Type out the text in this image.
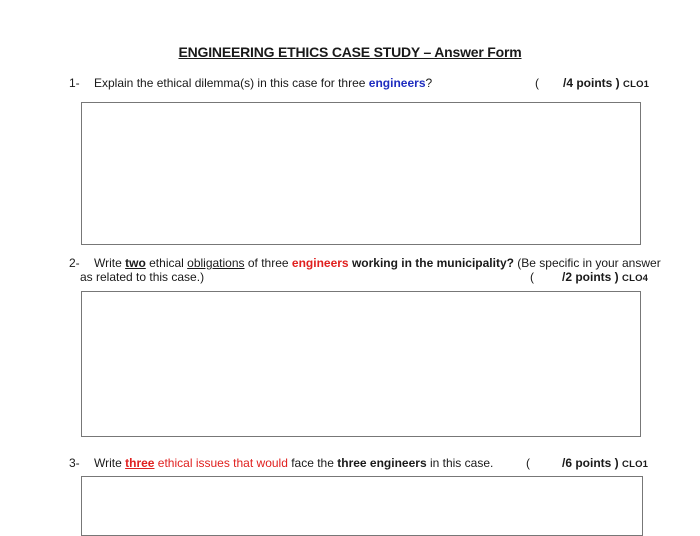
ENGINEERING ETHICS CASE STUDY – Answer Form
1- Explain the ethical dilemma(s) in this case for three engineers?	( /4 points ) CLO1
2- Write two ethical obligations of three engineers working in the municipality? (Be specific in your answer
as related to this case.)	( /2 points ) CLO4
3- Write three ethical issues that would face the three engineers in this case.	(	/6 points ) CLO1
